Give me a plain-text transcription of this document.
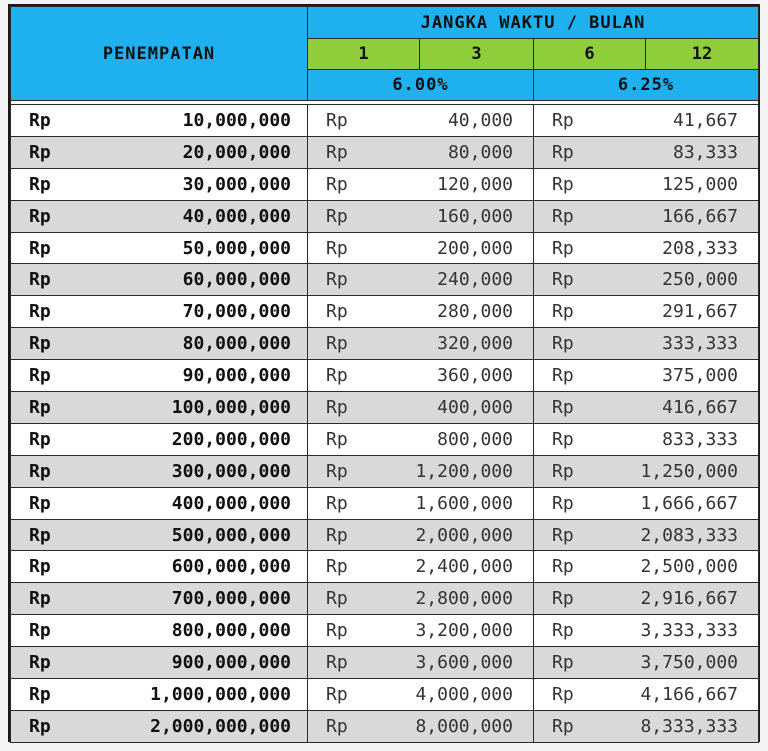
PENEMPATAN	JANGKA WAKTU / BULAN			
	1	3	6	12
	6.00%		6.25%	

Rp 10,000,000	Rp 40,000		Rp 41,667	

Rp 20,000,000	Rp 80,000		Rp 83,333	

Rp 30,000,000	Rp 120,000		Rp 125,000	

Rp 40,000,000	Rp 160,000		Rp 166,667	

Rp 50,000,000	Rp 200,000		Rp 208,333	

Rp 60,000,000	Rp 240,000		Rp 250,000	

Rp 70,000,000	Rp 280,000		Rp 291,667	

Rp 80,000,000	Rp 320,000		Rp 333,333	

Rp 90,000,000	Rp 360,000		Rp 375,000	

Rp 100,000,000	Rp 400,000		Rp 416,667	

Rp 200,000,000	Rp 800,000		Rp 833,333	

Rp 300,000,000	Rp 1,200,000		Rp 1,250,000	

Rp 400,000,000	Rp 1,600,000		Rp 1,666,667	

Rp 500,000,000	Rp 2,000,000		Rp 2,083,333	

Rp 600,000,000	Rp 2,400,000		Rp 2,500,000	

Rp 700,000,000	Rp 2,800,000		Rp 2,916,667	

Rp 800,000,000	Rp 3,200,000		Rp 3,333,333	

Rp 900,000,000	Rp 3,600,000		Rp 3,750,000	

Rp 1,000,000,000	Rp 4,000,000		Rp 4,166,667	

Rp 2,000,000,000	Rp 8,000,000		Rp 8,333,333	
